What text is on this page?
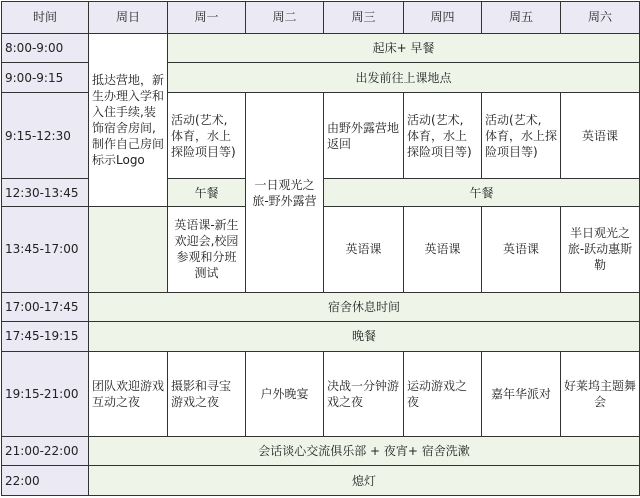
时间	周日	周一	周二	周三	周四	周五	周六
8:00-9:00	抵达营地，新生办理入学和入住手续,装饰宿舍房间,制作自己房间标示Logo	起床+ 早餐					
9:00-9:15		出发前往上课地点					
9:15-12:30		活动(艺术, 体育，水上探险项目等)	一日观光之旅-野外露营	由野外露营地返回	活动(艺术, 体育，水上探险项目等)	活动(艺术, 体育，水上探险项目等)	英语课
12:30-13:45		午餐		午餐			
13:45-17:00		英语课-新生欢迎会,校园参观和分班测试		英语课	英语课	英语课	半日观光之旅-跃动惠斯勒
17:00-17:45	宿舍休息时间						
17:45-19:15	晚餐						
19:15-21:00	团队欢迎游戏互动之夜	摄影和寻宝游戏之夜	户外晚宴	决战一分钟游戏之夜	运动游戏之夜	嘉年华派对	好莱坞主题舞会
21:00-22:00	会话谈心交流俱乐部 + 夜宵+ 宿舍洗漱						
22:00	熄灯						
